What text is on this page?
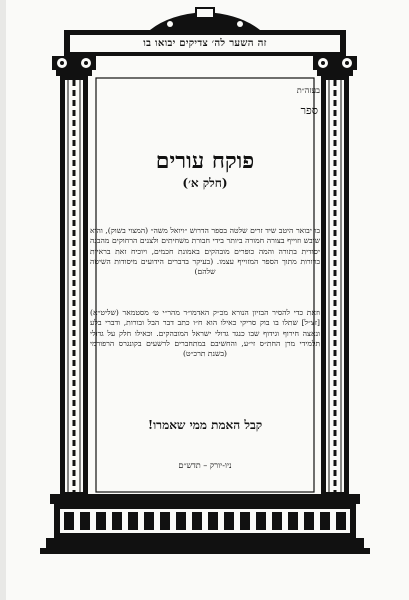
זה השער לה׳ צדיקים יבואו בו
בעזה״ת
ספר
פוקח עורים
(חלק א׳)
בו יבואר היטב שיד זרים שלטה בספר הדרוש ״ויואל משה״ (המצוי בשוק), והוא שובש וזוייף בצורה חמורה ביותר בידי חבורת משחיתים ולצנים הרחוקים מהבנה יסודית בתורה והמה כופרים מובהקים באמונת חכמים, ויוכיח זאת בראיות ברורות מתוך הספר המזוייף עצמו. (בעיקר בדברים הידועים מיסודות השיטה שלהם)
וזאת כדי להסיר הבזיון הנורא מכ״ק האדמו״ר מהר״י ט׳ מסטמאר (שליט״א) [זצ״ל] שתלו בו בוק סריקי כאילו הוא ח״ו כתב דבר הבל ובורות, ודברי בלע ונאצה חירוף וגידוף שבו כנגד גדולי ישראל המובהקים. וכאילו חלק על גדולי תלמידי מרן החת״ס זי״ע, והחשיבם במתחברים לרשעים בקונגרס הרפורמי (בשנת תרכ״ט)
קבל האמת ממי שאמרו!
ניו-יורק – תדש״ם
